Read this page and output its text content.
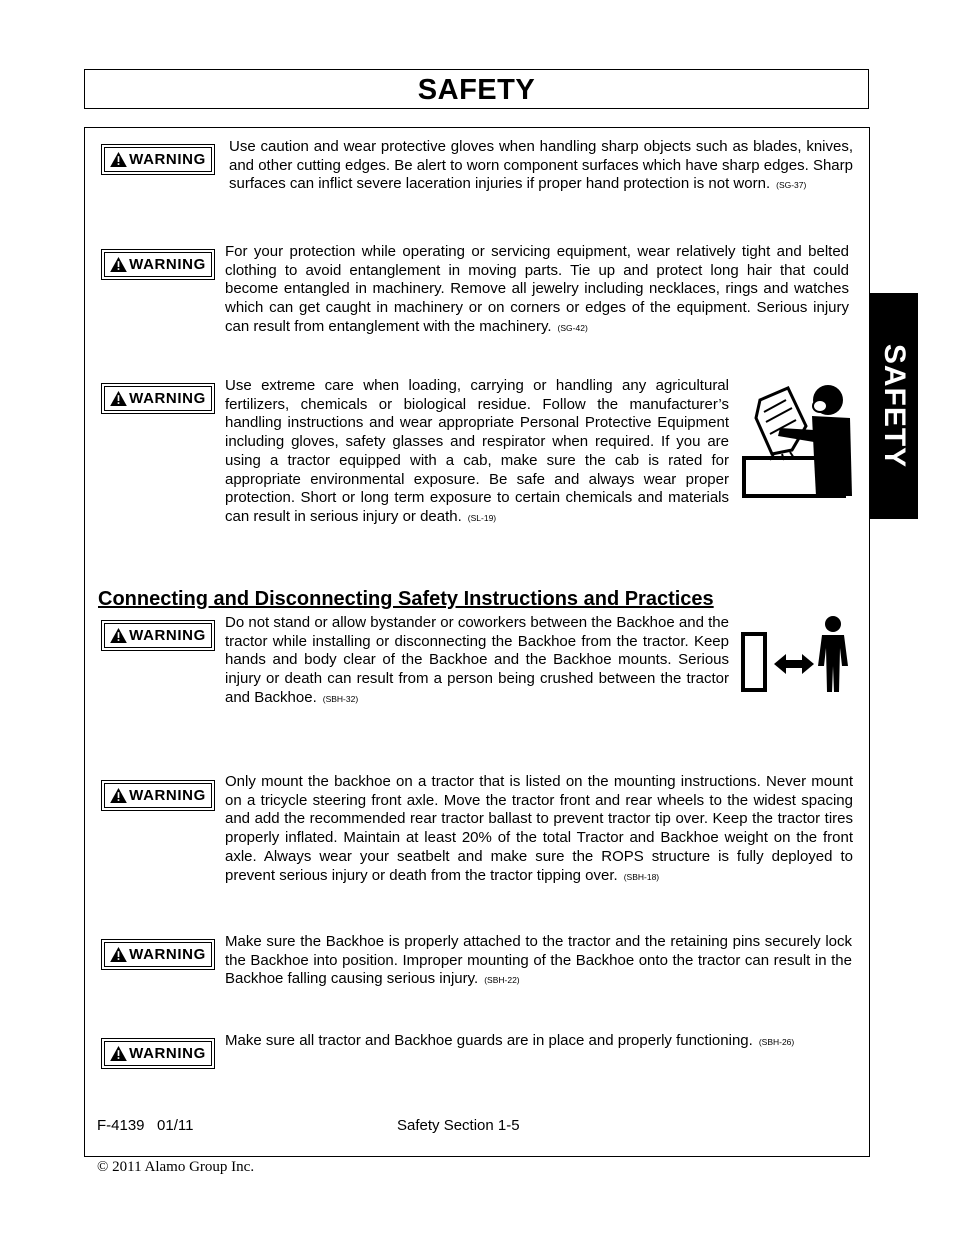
SAFETY
SAFETY
WARNING
Use caution and wear protective gloves when handling sharp objects such as blades, knives, and other cutting edges. Be alert to worn component surfaces which have sharp edges. Sharp surfaces can inflict severe laceration injuries if proper hand protection is not worn. (SG-37)
WARNING
For your protection while operating or servicing equipment, wear relatively tight and belted clothing to avoid entanglement in moving parts. Tie up and protect long hair that could become entangled in machinery. Remove all jewelry including necklaces, rings and watches which can get caught in machinery or on corners or edges of the equipment. Serious injury can result from entanglement with the machinery. (SG-42)
WARNING
Use extreme care when loading, carrying or handling any agricultural fertilizers, chemicals or biological residue. Follow the manufacturer’s handling instructions and wear appropriate Personal Protective Equipment including gloves, safety glasses and respirator when required. If you are using a tractor equipped with a cab, make sure the cab is rated for appropriate environmental exposure. Be safe and always wear proper protection. Short or long term exposure to certain chemicals and materials can result in serious injury or death. (SL-19)
Connecting and Disconnecting Safety Instructions and Practices
WARNING
Do not stand or allow bystander or coworkers between the Backhoe and the tractor while installing or disconnecting the Backhoe from the tractor. Keep hands and body clear of the Backhoe and the Backhoe mounts. Serious injury or death can result from a person being crushed between the tractor and Backhoe. (SBH-32)
WARNING
Only mount the backhoe on a tractor that is listed on the mounting instructions. Never mount on a tricycle steering front axle. Move the tractor front and rear wheels to the widest spacing and add the recommended rear tractor ballast to prevent tractor tip over. Keep the tractor tires properly inflated. Maintain at least 20% of the total Tractor and Backhoe weight on the front axle. Always wear your seatbelt and make sure the ROPS structure is fully deployed to prevent serious injury or death from the tractor tipping over. (SBH-18)
WARNING
Make sure the Backhoe is properly attached to the tractor and the retaining pins securely lock the Backhoe into position. Improper mounting of the Backhoe onto the tractor can result in the Backhoe falling causing serious injury. (SBH-22)
WARNING
Make sure all tractor and Backhoe guards are in place and properly functioning. (SBH-26)
F-4139   01/11	Safety Section 1-5
© 2011 Alamo Group Inc.
